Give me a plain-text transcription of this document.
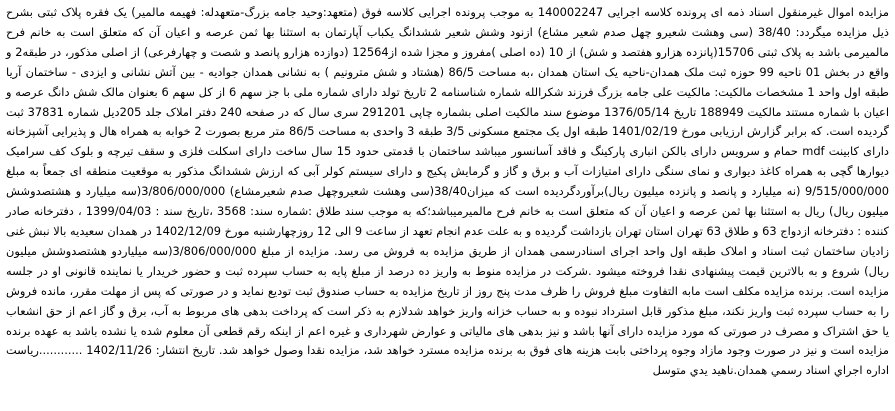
مزایده اموال غیرمنقول اسناد ذمه ای پرونده کلاسه اجرایی 140002247 به موجب پرونده اجرایی کلاسه فوق (متعهد:وحید جامه بزرگ-متعهدله: فهیمه مالمیر) یک فقره پلاک ثبتی بشرح ذیل مزایده میگردد: 38/40 (سی وهشت شعیرو چهل صدم شعیر مشاع) ازنود وشش شعیر ششدانگ یکباب آپارتمان به استثنا بها ثمن عرصه و اعیان آن که متعلق است به خانم فرح مالمیرمی باشد به پلاک ثبتی 15706(پانزده هزارو هفتصد و شش) از 10 (ده اصلی )مفروز و مجزا شده از12564 (دوازده هزارو پانصد و شصت و چهارفرعی) از اصلی مذکور، در طبقه2 و واقع در بخش 01 ناحیه 99 حوزه ثبت ملک همدان-ناحیه یک استان همدان ،به مساحت 86/5 (هشتاد و شش مترونیم ) به نشانی همدان جوادیه - بین آتش نشانی و ایزدی - ساختمان آریا طبقه اول واحد 1 مشخصات مالکیت: مالکیت علی جامه بزرگ فرزند شکرالله شماره شناسنامه 2 تاریخ تولد دارای شماره ملی با جز سهم 6 از کل سهم 6 بعنوان مالک شش دانگ عرصه و اعیان با شماره مستند مالکیت 188949 تاریخ 1376/05/14 موضوع سند مالکیت اصلی بشماره چاپی 291201 سری سال که در صفحه 240 دفتر املاک جلد 205دیل شماره 37831 ثبت گردیده است. که برابر گزارش ارزیابی مورخ 1401/02/19 طبقه اول یک مجتمع مسکونی 3/5 طبقه 3 واحدی به مساحت 86/5 متر مربع بصورت 2 خوابه به همراه هال و پذیرایی آشپزخانه دارای کابینت mdf حمام و سرویس دارای بالکن انباری پارکینگ و فاقد آسانسور میباشد ساختمان با قدمتی حدود 15 سال ساخت دارای اسکلت فلزی و سقف تیرچه و بلوک کف سرامیک دیوارها گچی به همراه کاغذ دیواری و نمای سنگی دارای امتیازات آب و برق و گاز و گرمایش پکیج و دارای سیستم کولر آبی که ارزش ششدانگ مذکور به موقعیت منطقه ای جمعاً به مبلغ 9/515/000/000 (نه میلیارد و پانصد و پانزده میلیون ریال)برآوردگردیده است که میزان38/40(سی وهشت شعیروچهل صدم شعیرمشاع) 3/806/000/000(سه میلیارد و هشتصدوشش میلیون ریال) ریال به استثنا بها ثمن عرصه و اعیان آن که متعلق است به خانم فرح مالمیرمیباشد؛که به موجب سند طلاق :شماره سند: 3568 ،تاریخ سند : 1399/04/03 ، دفترخانه صادر کننده : دفترخانه ازدواج 63 و طلاق 63 تهران استان تهران بازداشت گردیده و به علت عدم انجام تعهد از ساعت 9 الی 12 روزچهارشنبه مورخ 1402/12/09 در همدان سعیدیه بالا نبش غنی زادیان ساختمان ثبت اسناد و املاک طبقه اول واحد اجرای اسنادرسمی همدان از طریق مزایده به فروش می رسد. مزایده از مبلغ 3/806/000/000(سه میلیاردو هشتصدوشش میلیون ریال) شروع و به بالاترین قیمت پیشنهادی نقدا فروخته میشود .شرکت در مزایده منوط به واریز ده درصد از مبلغ پایه به حساب سپرده ثبت و حضور خریدار یا نماینده قانونی او در جلسه مزایده است. برنده مزایده مکلف است مابه التفاوت مبلغ فروش را ظرف مدت پنج روز از تاریخ مزایده به حساب صندوق ثبت تودیع نماید و در صورتی که پس از مهلت مقرر، مانده فروش را به حساب سپرده ثبت واریز نکند، مبلغ مذکور قابل استرداد نبوده و به حساب خزانه واریز خواهد شدلازم به ذکر است که پرداخت بدهی های مربوط به آب، برق و گاز اعم از حق انشعاب یا حق اشتراک و مصرف در صورتی که مورد مزایده دارای آنها باشد و نیز بدهی های مالیاتی و عوارض شهرداری و غیره اعم از اینکه رقم قطعی آن معلوم شده یا نشده باشد به عهده برنده مزایده است و نیز در صورت وجود مازاد وجوه پرداختی بابت هزینه های فوق به برنده مزایده مسترد خواهد شد، مزایده نقدا وصول خواهد شد. تاریخ انتشار: 1402/11/26 ............رياست اداره اجراي اسناد رسمي همدان.ناهيد يدي متوسل
